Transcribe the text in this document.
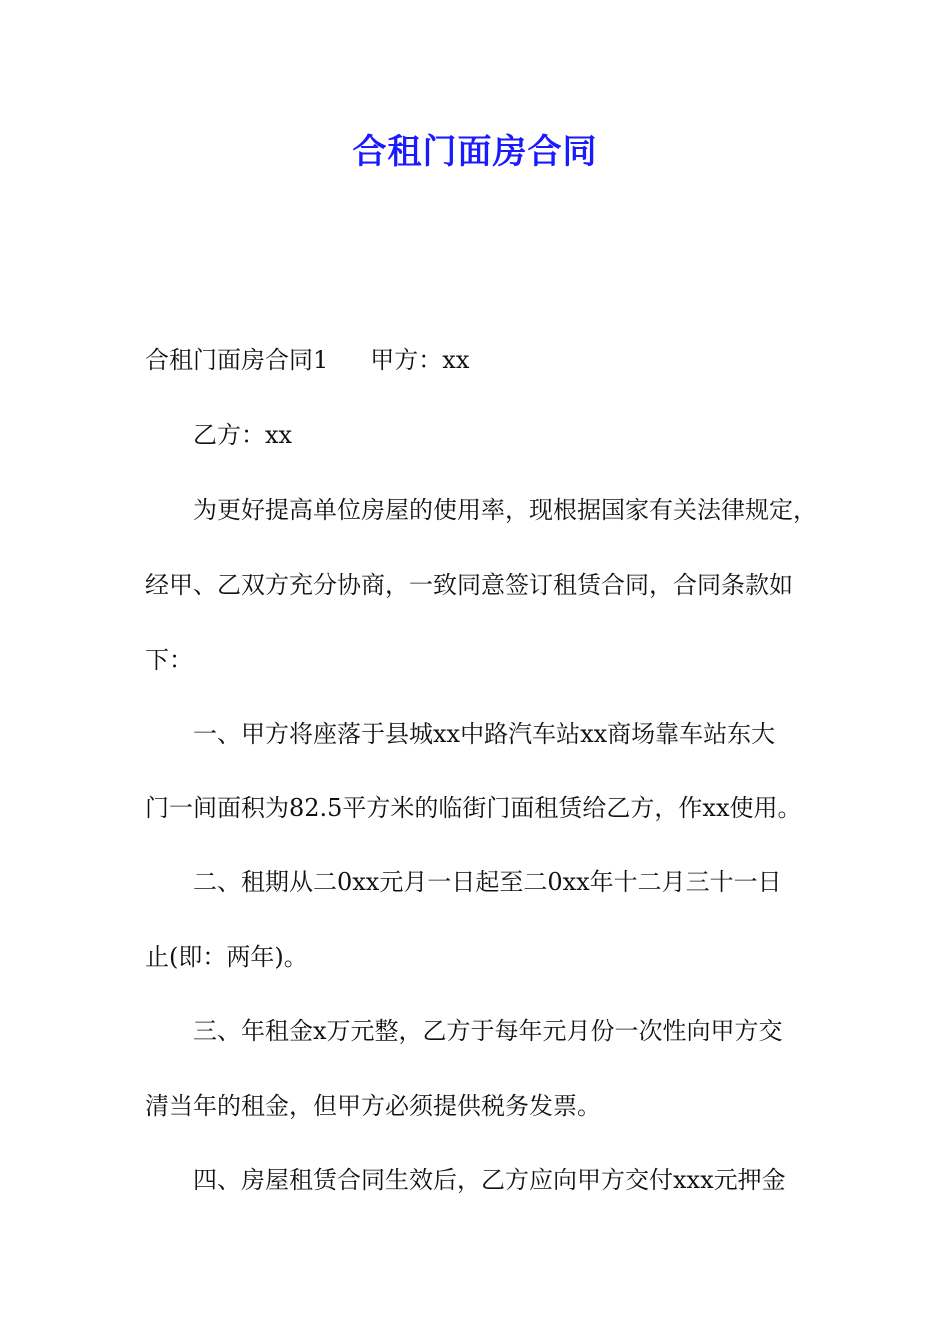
合租门面房合同
合租门面房合同1 甲方：xx
乙方：xx
为更好提高单位房屋的使用率，现根据国家有关法律规定，
经甲、乙双方充分协商，一致同意签订租赁合同，合同条款如
下：
一、甲方将座落于县城xx中路汽车站xx商场靠车站东大
门一间面积为82.5平方米的临街门面租赁给乙方，作xx使用。
二、租期从二0xx元月一日起至二0xx年十二月三十一日
止(即：两年)。
三、年租金x万元整，乙方于每年元月份一次性向甲方交
清当年的租金，但甲方必须提供税务发票。
四、房屋租赁合同生效后，乙方应向甲方交付xxx元押金
